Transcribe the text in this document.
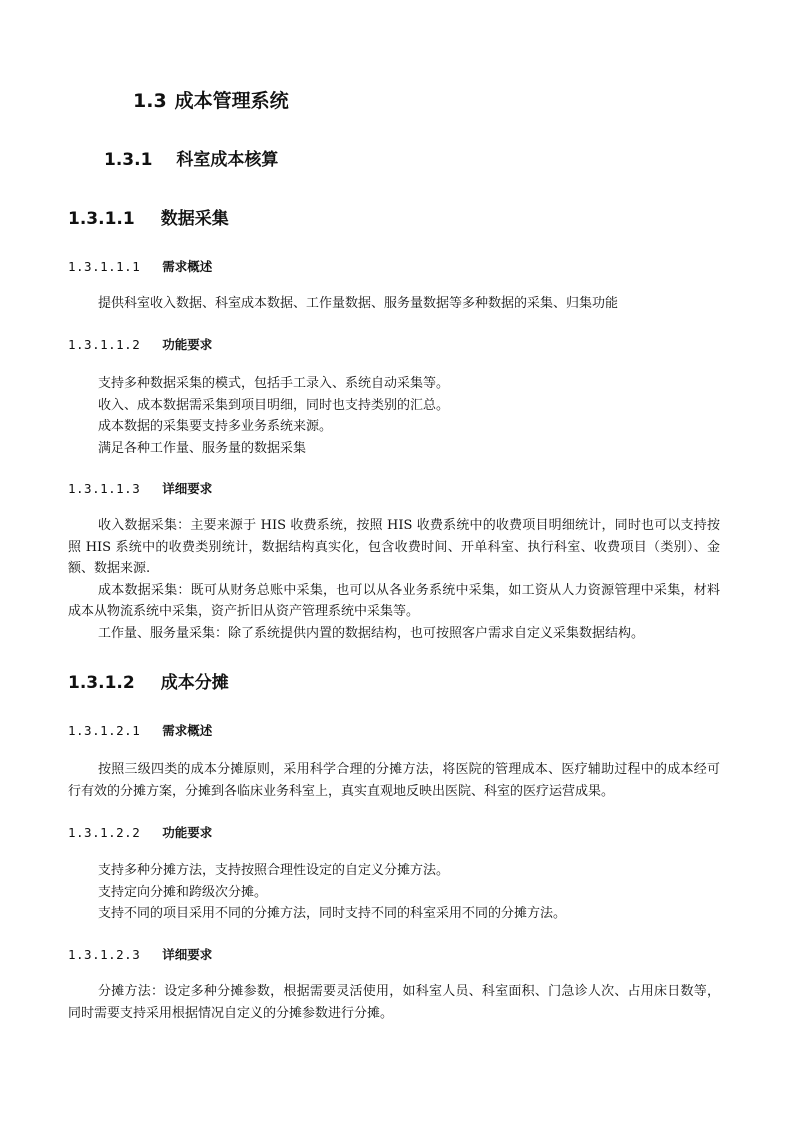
1.3 成本管理系统
1.3.1 科室成本核算
1.3.1.1 数据采集
1.3.1.1.1 需求概述
提供科室收入数据、科室成本数据、工作量数据、服务量数据等多种数据的采集、归集功能
1.3.1.1.2 功能要求
支持多种数据采集的模式，包括手工录入、系统自动采集等。
收入、成本数据需采集到项目明细，同时也支持类别的汇总。
成本数据的采集要支持多业务系统来源。
满足各种工作量、服务量的数据采集
1.3.1.1.3 详细要求
收入数据采集：主要来源于 HIS 收费系统，按照 HIS 收费系统中的收费项目明细统计，同时也可以支持按照 HIS 系统中的收费类别统计，数据结构真实化，包含收费时间、开单科室、执行科室、收费项目（类别）、金额、数据来源.
成本数据采集：既可从财务总账中采集，也可以从各业务系统中采集，如工资从人力资源管理中采集，材料成本从物流系统中采集，资产折旧从资产管理系统中采集等。
工作量、服务量采集：除了系统提供内置的数据结构，也可按照客户需求自定义采集数据结构。
1.3.1.2 成本分摊
1.3.1.2.1 需求概述
按照三级四类的成本分摊原则，采用科学合理的分摊方法，将医院的管理成本、医疗辅助过程中的成本经可行有效的分摊方案，分摊到各临床业务科室上，真实直观地反映出医院、科室的医疗运营成果。
1.3.1.2.2 功能要求
支持多种分摊方法，支持按照合理性设定的自定义分摊方法。
支持定向分摊和跨级次分摊。
支持不同的项目采用不同的分摊方法，同时支持不同的科室采用不同的分摊方法。
1.3.1.2.3 详细要求
分摊方法：设定多种分摊参数，根据需要灵活使用，如科室人员、科室面积、门急诊人次、占用床日数等，同时需要支持采用根据情况自定义的分摊参数进行分摊。
